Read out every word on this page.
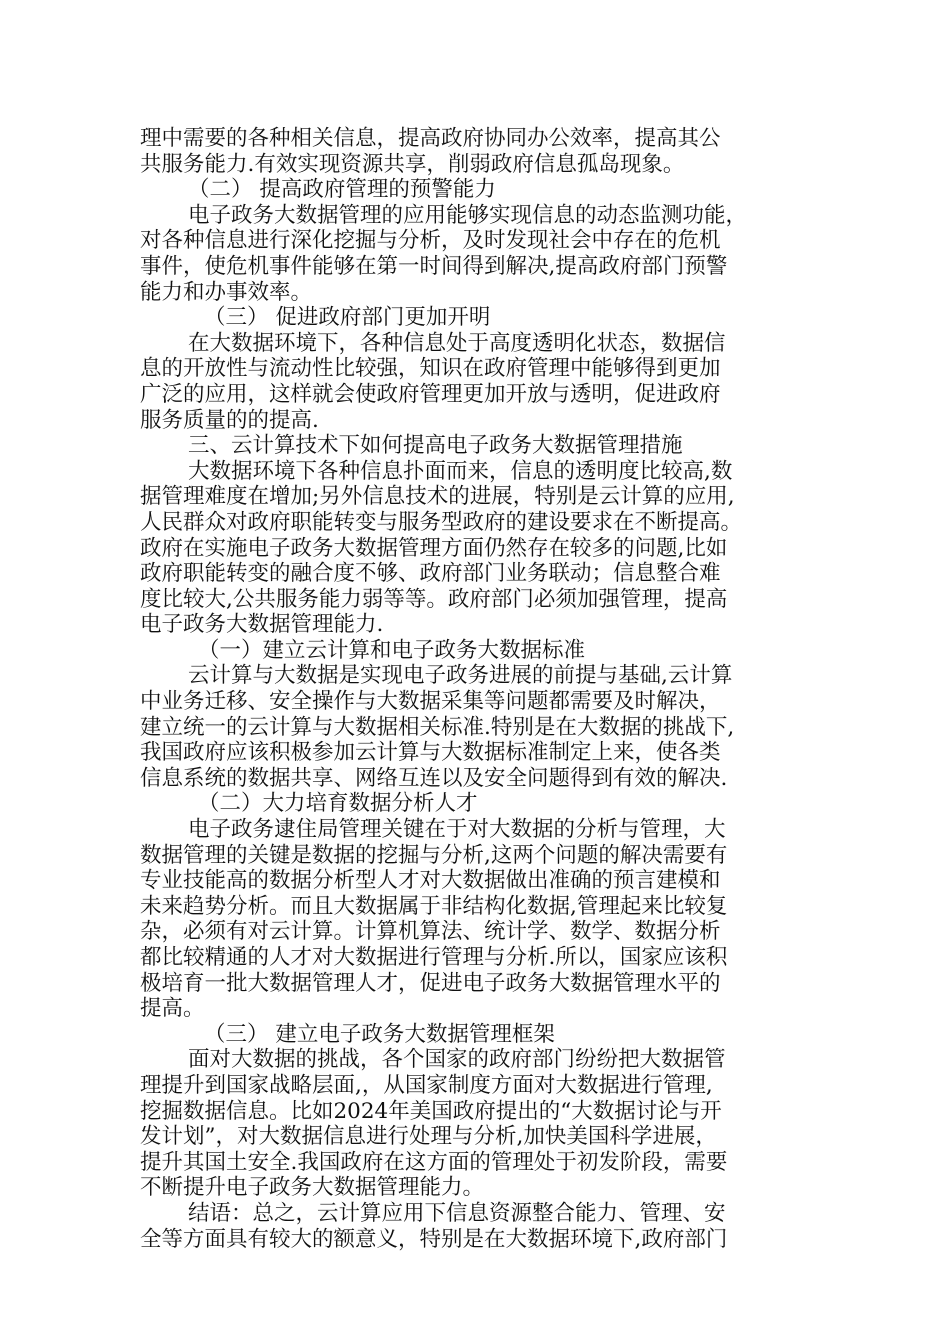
理中需要的各种相关信息，提高政府协同办公效率，提高其公
共服务能力.有效实现资源共享，削弱政府信息孤岛现象。
（二） 提高政府管理的预警能力
电子政务大数据管理的应用能够实现信息的动态监测功能，
对各种信息进行深化挖掘与分析，及时发现社会中存在的危机
事件，使危机事件能够在第一时间得到解决,提高政府部门预警
能力和办事效率。
（三） 促进政府部门更加开明
在大数据环境下，各种信息处于高度透明化状态，数据信
息的开放性与流动性比较强，知识在政府管理中能够得到更加
广泛的应用，这样就会使政府管理更加开放与透明，促进政府
服务质量的的提高.
三、云计算技术下如何提高电子政务大数据管理措施
大数据环境下各种信息扑面而来，信息的透明度比较高,数
据管理难度在增加;另外信息技术的进展，特别是云计算的应用,
人民群众对政府职能转变与服务型政府的建设要求在不断提高。
政府在实施电子政务大数据管理方面仍然存在较多的问题,比如
政府职能转变的融合度不够、政府部门业务联动；信息整合难
度比较大,公共服务能力弱等等。政府部门必须加强管理，提高
电子政务大数据管理能力.
（一）建立云计算和电子政务大数据标准
云计算与大数据是实现电子政务进展的前提与基础,云计算
中业务迁移、安全操作与大数据采集等问题都需要及时解决，
建立统一的云计算与大数据相关标准.特别是在大数据的挑战下,
我国政府应该积极参加云计算与大数据标准制定上来，使各类
信息系统的数据共享、网络互连以及安全问题得到有效的解决.
（二）大力培育数据分析人才
电子政务逮住局管理关键在于对大数据的分析与管理，大
数据管理的关键是数据的挖掘与分析,这两个问题的解决需要有
专业技能高的数据分析型人才对大数据做出准确的预言建模和
未来趋势分析。而且大数据属于非结构化数据,管理起来比较复
杂，必须有对云计算。计算机算法、统计学、数学、数据分析
都比较精通的人才对大数据进行管理与分析.所以，国家应该积
极培育一批大数据管理人才，促进电子政务大数据管理水平的
提高。
（三） 建立电子政务大数据管理框架
面对大数据的挑战，各个国家的政府部门纷纷把大数据管
理提升到国家战略层面,，从国家制度方面对大数据进行管理,
挖掘数据信息。比如2024年美国政府提出的“大数据讨论与开
发计划”，对大数据信息进行处理与分析,加快美国科学进展，
提升其国土安全.我国政府在这方面的管理处于初发阶段，需要
不断提升电子政务大数据管理能力。
结语：总之，云计算应用下信息资源整合能力、管理、安
全等方面具有较大的额意义，特别是在大数据环境下,政府部门
